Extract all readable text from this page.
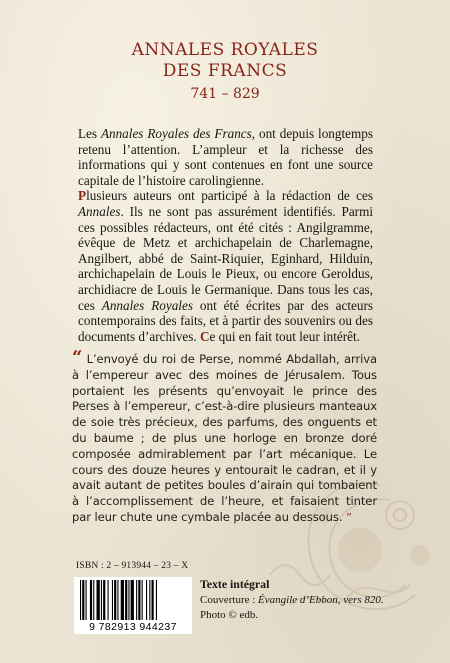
ANNALES ROYALES
DES FRANCS
741 – 829

Les Annales Royales des Francs, ont depuis longtemps retenu l’attention. L’ampleur et la richesse des informations qui y sont contenues en font une source capitale de l’histoire carolingienne.

Plusieurs auteurs ont participé à la rédaction de ces Annales. Ils ne sont pas assurément identifiés. Parmi ces possibles rédacteurs, ont été cités : Angilgramme, évêque de Metz et archichapelain de Charlemagne, Angilbert, abbé de Saint-Riquier, Eginhard, Hilduin, archichapelain de Louis le Pieux, ou encore Geroldus, archidiacre de Louis le Germanique. Dans tous les cas, ces Annales Royales ont été écrites par des acteurs contemporains des faits, et à partir des souvenirs ou des documents d’archives. Ce qui en fait tout leur intérêt.

“ L’envoyé du roi de Perse, nommé Abdallah, arriva à l’empereur avec des moines de Jérusalem. Tous portaient les présents qu’envoyait le prince des Perses à l’empereur, c’est-à-dire plusieurs manteaux de soie très précieux, des parfums, des onguents et du baume ; de plus une horloge en bronze doré composée admirablement par l’art mécanique. Le cours des douze heures y entourait le cadran, et il y avait autant de petites boules d’airain qui tombaient à l’accomplissement de l’heure, et faisaient tinter par leur chute une cymbale placée au dessous. ”
ISBN : 2 – 913944 – 23 – X
9 782913 944237
Texte intégral
Couverture : Évangile d’Ebbon, vers 820.
Photo © edb.
